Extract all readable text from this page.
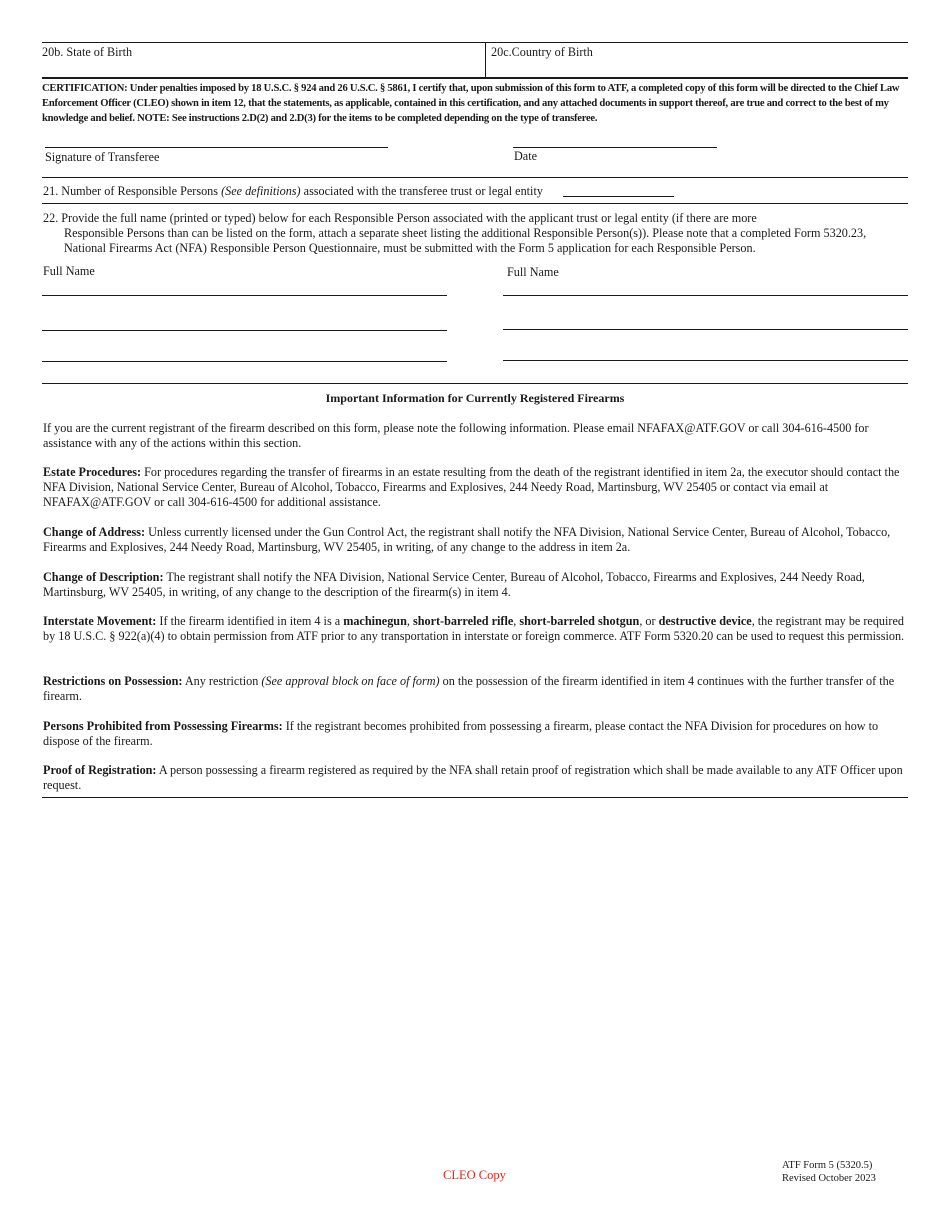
20b. State of Birth	20c.Country of Birth
CERTIFICATION: Under penalties imposed by 18 U.S.C. § 924 and 26 U.S.C. § 5861, I certify that, upon submission of this form to ATF, a completed copy of this form will be directed to the Chief Law Enforcement Officer (CLEO) shown in item 12, that the statements, as applicable, contained in this certification, and any attached documents in support thereof, are true and correct to the best of my knowledge and belief. NOTE: See instructions 2.D(2) and 2.D(3) for the items to be completed depending on the type of transferee.
Signature of Transferee	Date
21. Number of Responsible Persons (See definitions) associated with the transferee trust or legal entity
22. Provide the full name (printed or typed) below for each Responsible Person associated with the applicant trust or legal entity (if there are more
Responsible Persons than can be listed on the form, attach a separate sheet listing the additional Responsible Person(s)). Please note that a completed Form 5320.23,
National Firearms Act (NFA) Responsible Person Questionnaire, must be submitted with the Form 5 application for each Responsible Person.
Full Name	Full Name
Important Information for Currently Registered Firearms
If you are the current registrant of the firearm described on this form, please note the following information. Please email NFAFAX@ATF.GOV or call 304-616-4500 for assistance with any of the actions within this section.
Estate Procedures: For procedures regarding the transfer of firearms in an estate resulting from the death of the registrant identified in item 2a, the executor should contact the NFA Division, National Service Center, Bureau of Alcohol, Tobacco, Firearms and Explosives, 244 Needy Road, Martinsburg, WV 25405 or contact via email at NFAFAX@ATF.GOV or call 304-616-4500 for additional assistance.
Change of Address: Unless currently licensed under the Gun Control Act, the registrant shall notify the NFA Division, National Service Center, Bureau of Alcohol, Tobacco, Firearms and Explosives, 244 Needy Road, Martinsburg, WV 25405, in writing, of any change to the address in item 2a.
Change of Description: The registrant shall notify the NFA Division, National Service Center, Bureau of Alcohol, Tobacco, Firearms and Explosives, 244 Needy Road, Martinsburg, WV 25405, in writing, of any change to the description of the firearm(s) in item 4.
Interstate Movement: If the firearm identified in item 4 is a machinegun, short-barreled rifle, short-barreled shotgun, or destructive device, the registrant may be required by 18 U.S.C. § 922(a)(4) to obtain permission from ATF prior to any transportation in interstate or foreign commerce. ATF Form 5320.20 can be used to request this permission.
Restrictions on Possession: Any restriction (See approval block on face of form) on the possession of the firearm identified in item 4 continues with the further transfer of the firearm.
Persons Prohibited from Possessing Firearms: If the registrant becomes prohibited from possessing a firearm, please contact the NFA Division for procedures on how to dispose of the firearm.
Proof of Registration: A person possessing a firearm registered as required by the NFA shall retain proof of registration which shall be made available to any ATF Officer upon request.
CLEO Copy
ATF Form 5 (5320.5)
Revised October 2023
